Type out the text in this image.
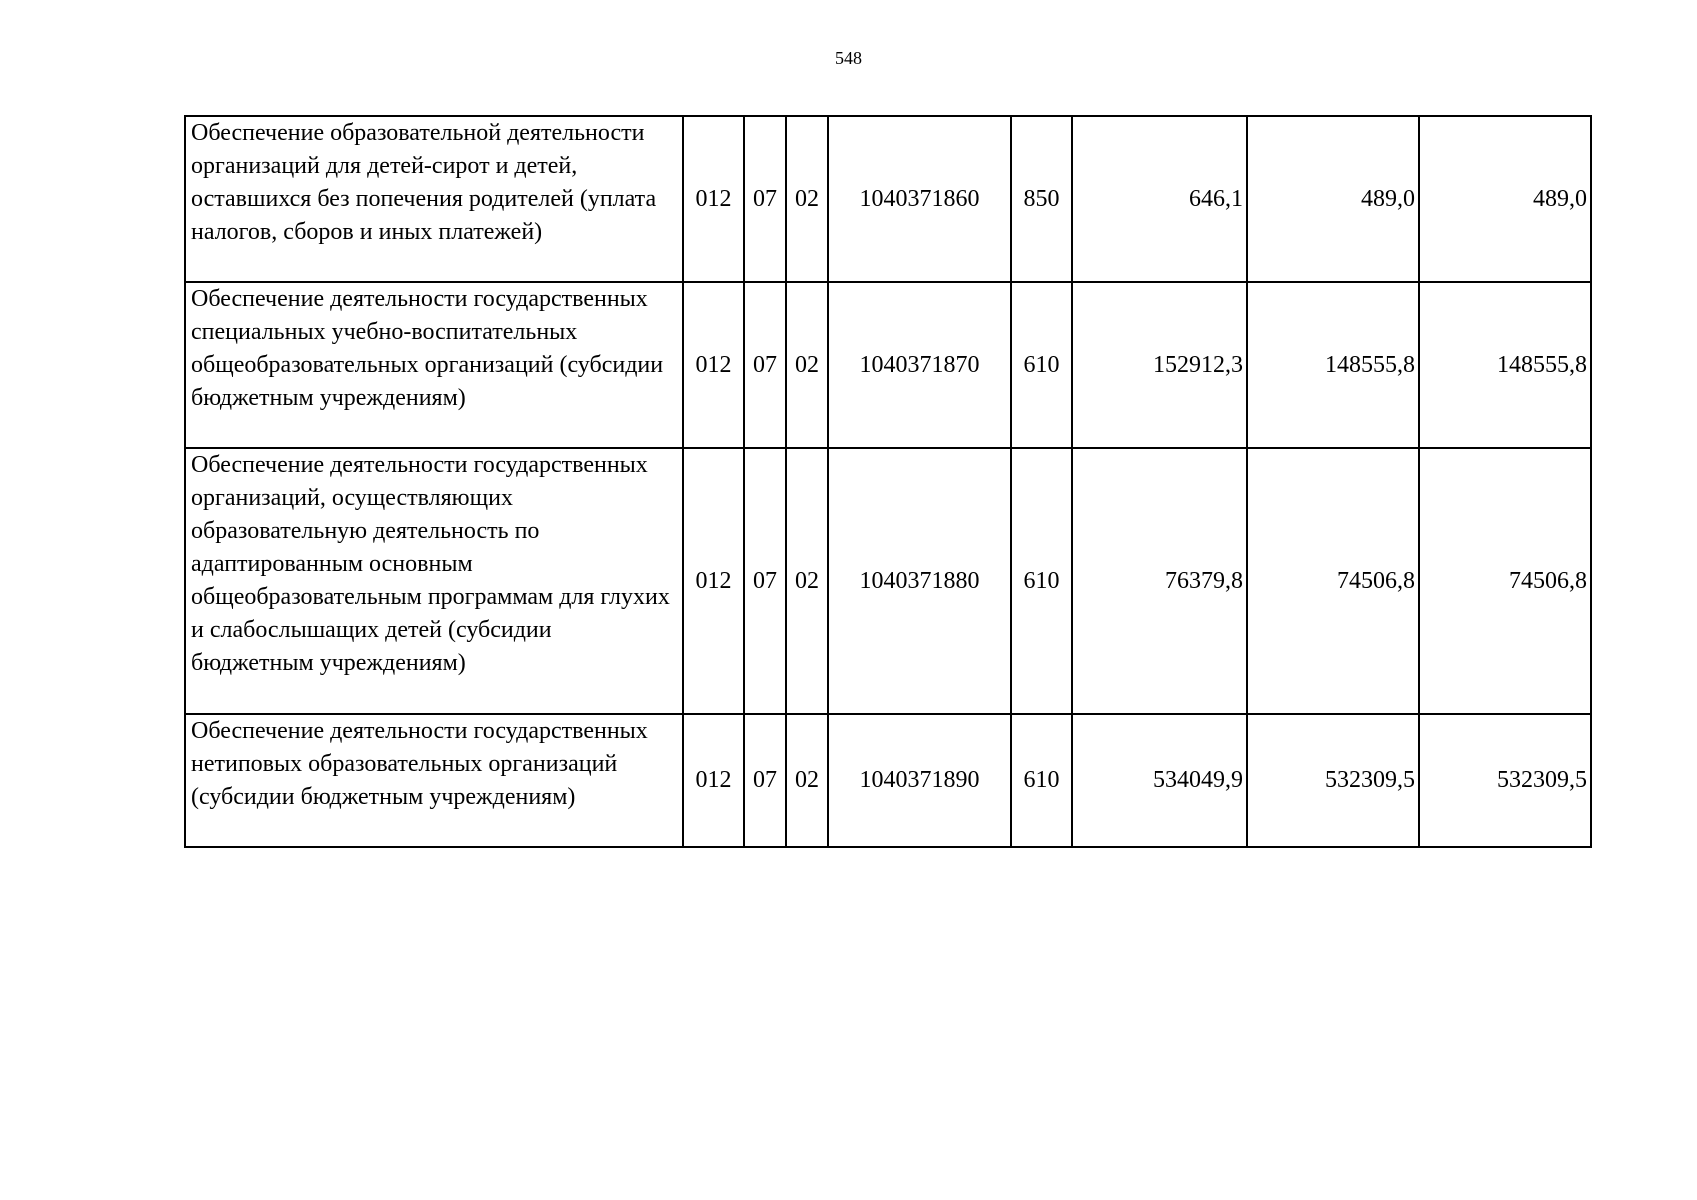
548
Обеспечение образовательной деятельности организаций для детей-сирот и детей, оставшихся без попечения родителей (уплата налогов, сборов и иных платежей)	012	07	02	1040371860	850	646,1	489,0	489,0
Обеспечение деятельности государственных специальных учебно-воспитательных общеобразовательных организаций (субсидии бюджетным учреждениям)	012	07	02	1040371870	610	152912,3	148555,8	148555,8
Обеспечение деятельности государственных организаций, осуществляющих образовательную деятельность по адаптированным основным общеобразовательным программам для глухих и слабослышащих детей (субсидии бюджетным учреждениям)	012	07	02	1040371880	610	76379,8	74506,8	74506,8
Обеспечение деятельности государственных нетиповых образовательных организаций (субсидии бюджетным учреждениям)	012	07	02	1040371890	610	534049,9	532309,5	532309,5
